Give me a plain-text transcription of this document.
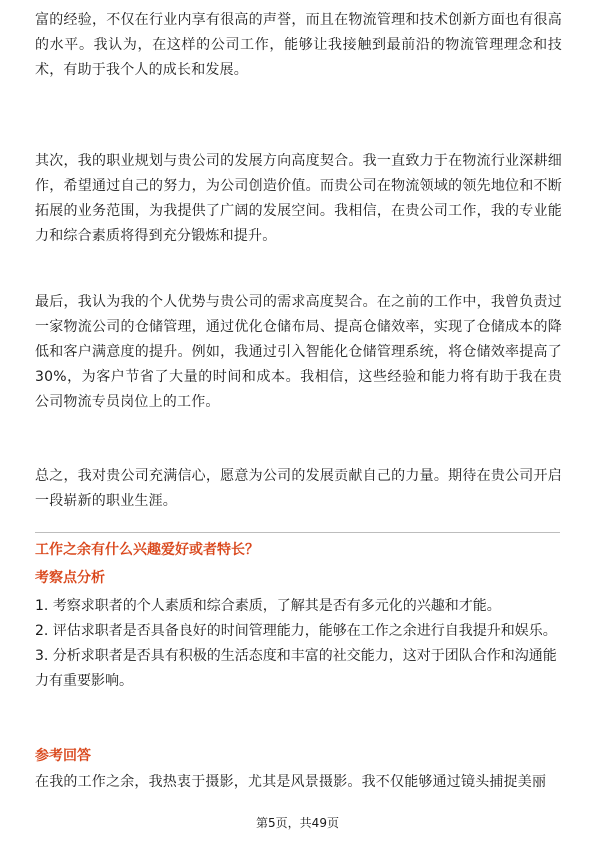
富的经验，不仅在行业内享有很高的声誉，而且在物流管理和技术创新方面也有很高的水平。我认为，在这样的公司工作，能够让我接触到最前沿的物流管理理念和技术，有助于我个人的成长和发展。

其次，我的职业规划与贵公司的发展方向高度契合。我一直致力于在物流行业深耕细作，希望通过自己的努力，为公司创造价值。而贵公司在物流领域的领先地位和不断拓展的业务范围，为我提供了广阔的发展空间。我相信，在贵公司工作，我的专业能力和综合素质将得到充分锻炼和提升。

最后，我认为我的个人优势与贵公司的需求高度契合。在之前的工作中，我曾负责过一家物流公司的仓储管理，通过优化仓储布局、提高仓储效率，实现了仓储成本的降低和客户满意度的提升。例如，我通过引入智能化仓储管理系统，将仓储效率提高了30%，为客户节省了大量的时间和成本。我相信，这些经验和能力将有助于我在贵公司物流专员岗位上的工作。

总之，我对贵公司充满信心，愿意为公司的发展贡献自己的力量。期待在贵公司开启一段崭新的职业生涯。

工作之余有什么兴趣爱好或者特长？

考察点分析

1. 考察求职者的个人素质和综合素质，了解其是否有多元化的兴趣和才能。
2. 评估求职者是否具备良好的时间管理能力，能够在工作之余进行自我提升和娱乐。
3. 分析求职者是否具有积极的生活态度和丰富的社交能力，这对于团队合作和沟通能力有重要影响。

参考回答

在我的工作之余，我热衷于摄影，尤其是风景摄影。我不仅能够通过镜头捕捉美丽

第5页，共49页
